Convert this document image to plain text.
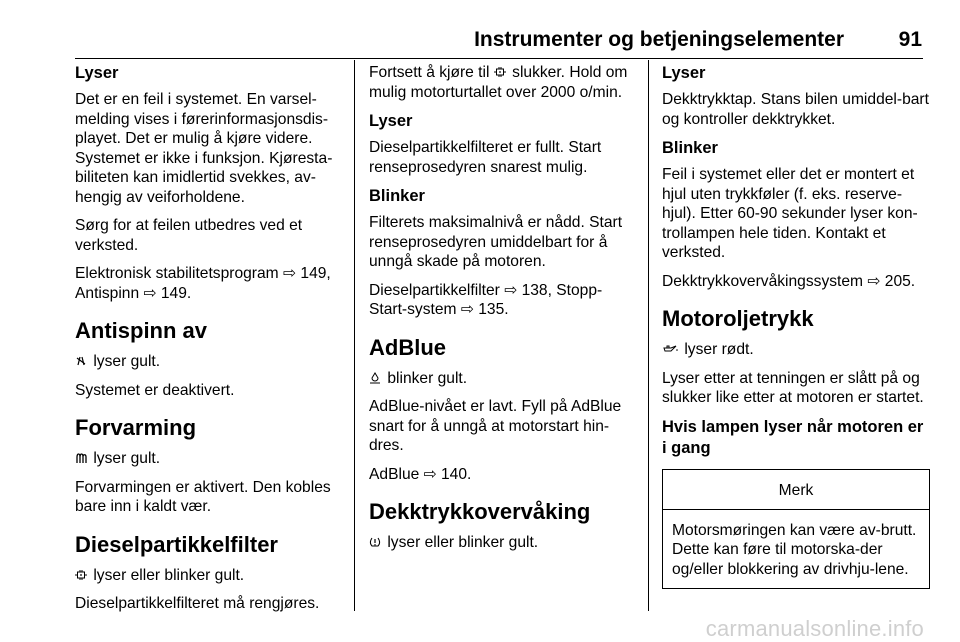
Instrumenter og betjeningselementer	91
Lyser

Det er en feil i systemet. En varsel-melding vises i førerinformasjonsdis-playet. Det er mulig å kjøre videre. Systemet er ikke i funksjon. Kjøresta-biliteten kan imidlertid svekkes, av-hengig av veiforholdene.

Sørg for at feilen utbedres ved et verksted.

Elektronisk stabilitetsprogram ⇨ 149, Antispinn ⇨ 149.

Antispinn av

lyser gult.

Systemet er deaktivert.

Forvarming

lyser gult.

Forvarmingen er aktivert. Den kobles bare inn i kaldt vær.

Dieselpartikkelfilter

lyser eller blinker gult.

Dieselpartikkelfilteret må rengjøres.

Fortsett å kjøre til slukker. Hold om mulig motorturtallet over 2000 o/min.

Lyser

Dieselpartikkelfilteret er fullt. Start renseprosedyren snarest mulig.

Blinker

Filterets maksimalnivå er nådd. Start renseprosedyren umiddelbart for å unngå skade på motoren.

Dieselpartikkelfilter ⇨ 138, Stopp-Start-system ⇨ 135.

AdBlue

blinker gult.

AdBlue-nivået er lavt. Fyll på AdBlue snart for å unngå at motorstart hin-dres.

AdBlue ⇨ 140.

Dekktrykkovervåking

lyser eller blinker gult.

Lyser

Dekktrykktap. Stans bilen umiddel-bart og kontroller dekktrykket.

Blinker

Feil i systemet eller det er montert et hjul uten trykkføler (f. eks. reserve-hjul). Etter 60-90 sekunder lyser kon-trollampen hele tiden. Kontakt et verksted.

Dekktrykkovervåkingssystem ⇨ 205.

Motoroljetrykk

lyser rødt.

Lyser etter at tenningen er slått på og slukker like etter at motoren er startet.

Hvis lampen lyser når motoren er i gang
Merk
Motorsmøringen kan være av-brutt. Dette kan føre til motorska-der og/eller blokkering av drivhju-lene.
carmanualsonline.info
